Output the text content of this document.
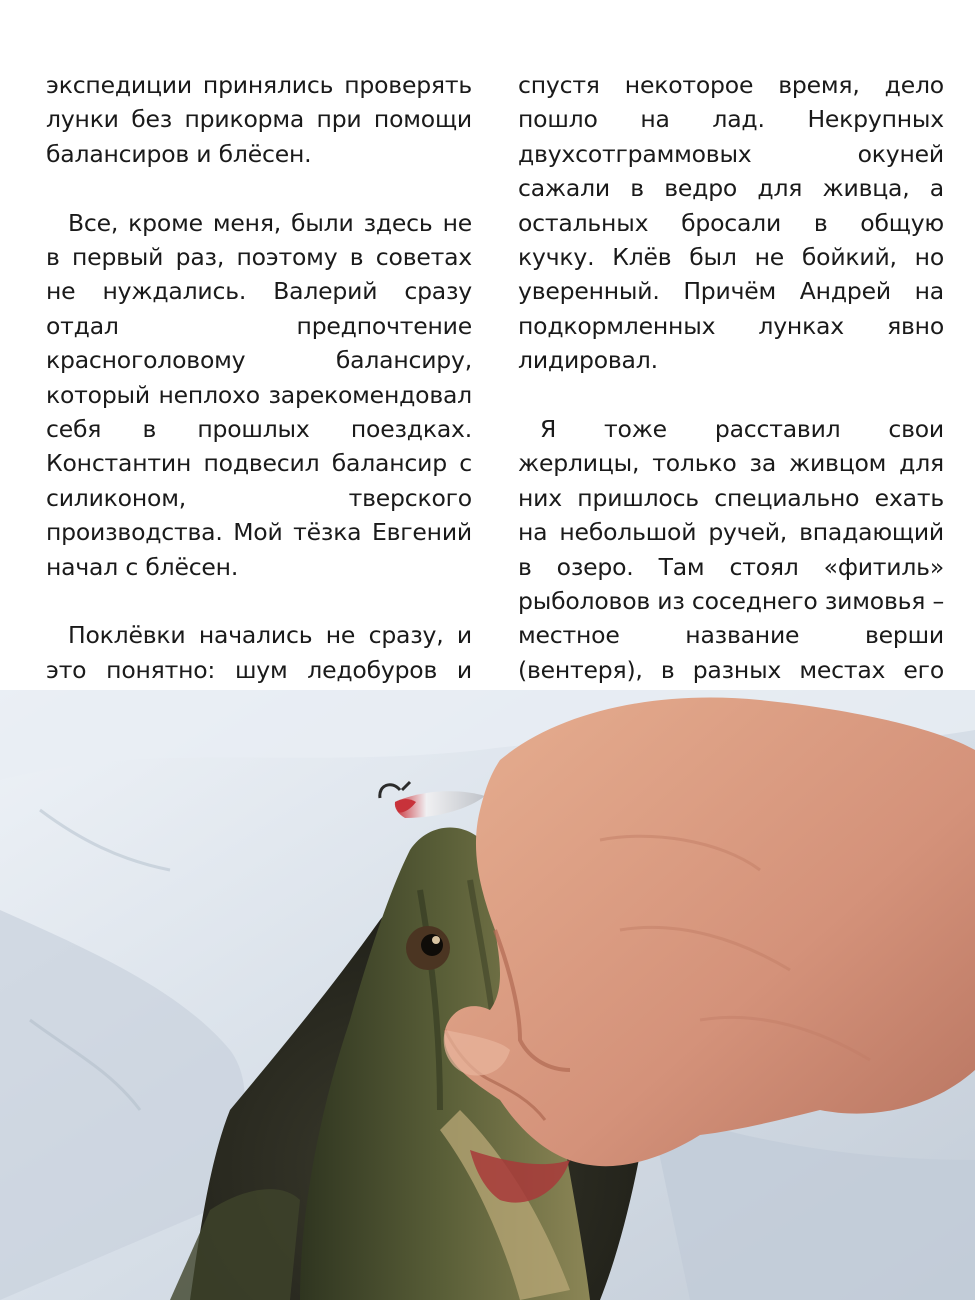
экспедиции принялись проверять лунки без прикорма при помощи балансиров и блёсен.

Все, кроме меня, были здесь не в первый раз, поэтому в советах не нуждались. Валерий сразу отдал предпочтение красноголовому балансиру, который неплохо зарекомендовал себя в прошлых поездках. Константин подвесил балансир с силиконом, тверского производства. Мой тёзка Евгений начал с блёсен.

Поклёвки начались не сразу, и это понятно: шум ледобуров и

спустя некоторое время, дело пошло на лад. Некрупных двухсотграммовых окуней сажали в ведро для живца, а остальных бросали в общую кучку. Клёв был не бойкий, но уверенный. Причём Андрей на подкормленных лунках явно лидировал.

Я тоже расставил свои жерлицы, только за живцом для них пришлось специально ехать на небольшой ручей, впадающий в озеро. Там стоял «фитиль» рыболовов из соседнего зимовья – местное название верши (вентеря), в разных местах его
